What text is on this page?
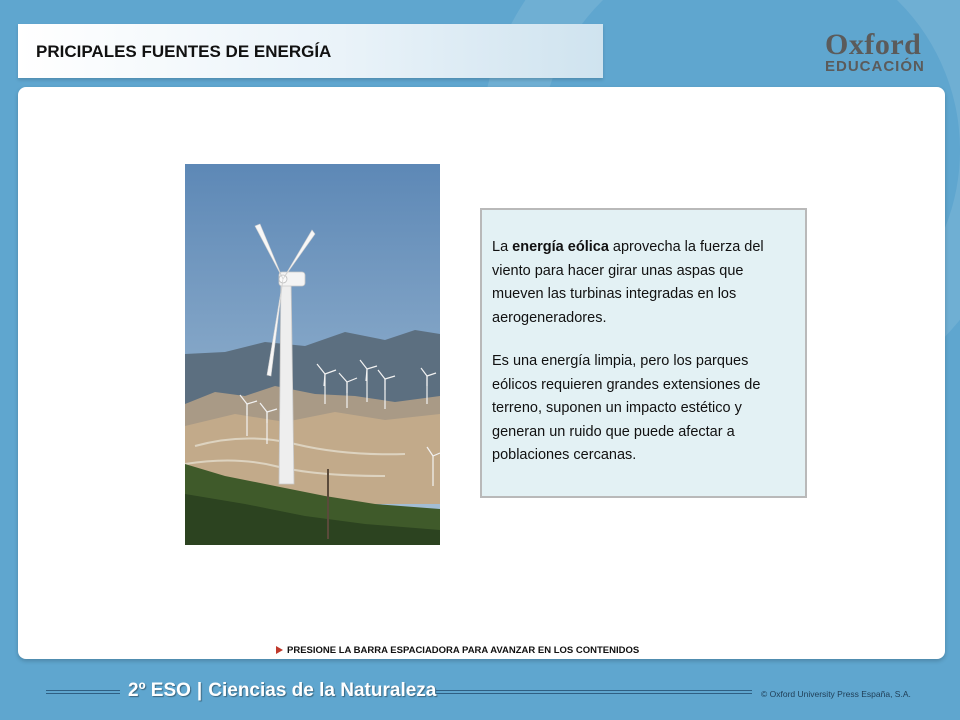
PRICIPALES FUENTES DE ENERGÍA	Oxford
EDUCACIÓN

La energía eólica aprovecha la fuerza del viento para hacer girar unas aspas que mueven las turbinas integradas en los aerogeneradores.

Es una energía limpia, pero los parques eólicos requieren grandes extensiones de terreno, suponen un impacto estético y generan un ruido que puede afectar a poblaciones cercanas.

PRESIONE LA BARRA ESPACIADORA PARA AVANZAR EN LOS CONTENIDOS
2º ESO | Ciencias de la Naturaleza	© Oxford University Press España, S.A.
